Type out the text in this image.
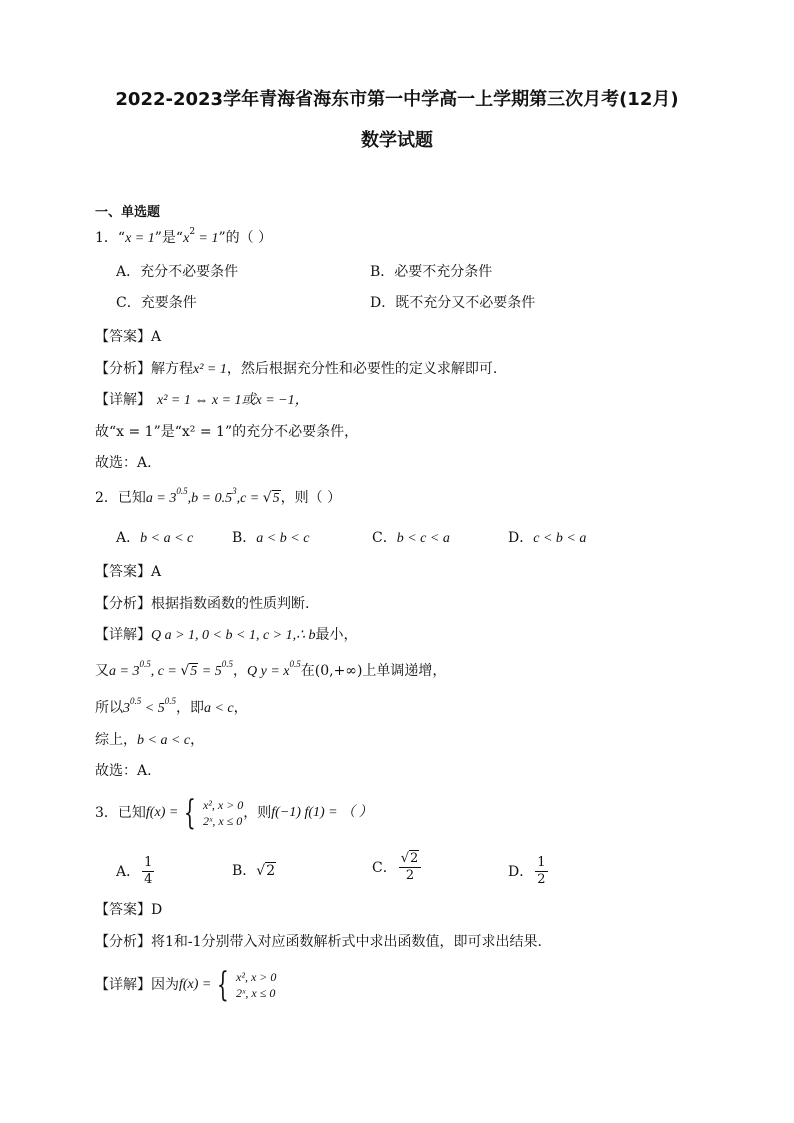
2022-2023学年青海省海东市第一中学高一上学期第三次月考(12月)
数学试题
一、单选题
1．“x = 1”是“$x^2 = 1$”的（ ）
A．充分不必要条件	B．必要不充分条件
C．充要条件	D．既不充分又不必要条件
【答案】A
【分析】解方程x² = 1，然后根据充分性和必要性的定义求解即可.
【详解】 x² = 1 ⇔ x = 1或x = −1，
故“x = 1”是“x² = 1”的充分不必要条件，
故选：A.
2．已知$a = 3^{0.5},b = 0.5^3,c = √5$，则（ ）
A．b < a < c	B．a < b < c	C．b < c < a	D．c < b < a
【答案】A
【分析】根据指数函数的性质判断.
【详解】Q a > 1, 0 < b < 1, c > 1,∴ b最小，
又$a = 3^{0.5}$, $c = √5 = 5^{0.5}$，Q $y = x^{0.5}$在(0,+∞)上单调递增，
所以$3^{0.5} < 5^{0.5}$，即a < c，
综上，b < a < c，
故选：A.
3．已知 f(x) = { x², x > 0
2ˣ, x ≤ 0 ，则 f(−1) f(1) = （ ）
A． $\frac{1}{4}$	B．√2	C． $\frac{√2}{2}$	D． $\frac{1}{2}$
【答案】D
【分析】将1和-1分别带入对应函数解析式中求出函数值，即可求出结果.
【详解】 因为 f(x) = { x², x > 0
2ˣ, x ≤ 0
